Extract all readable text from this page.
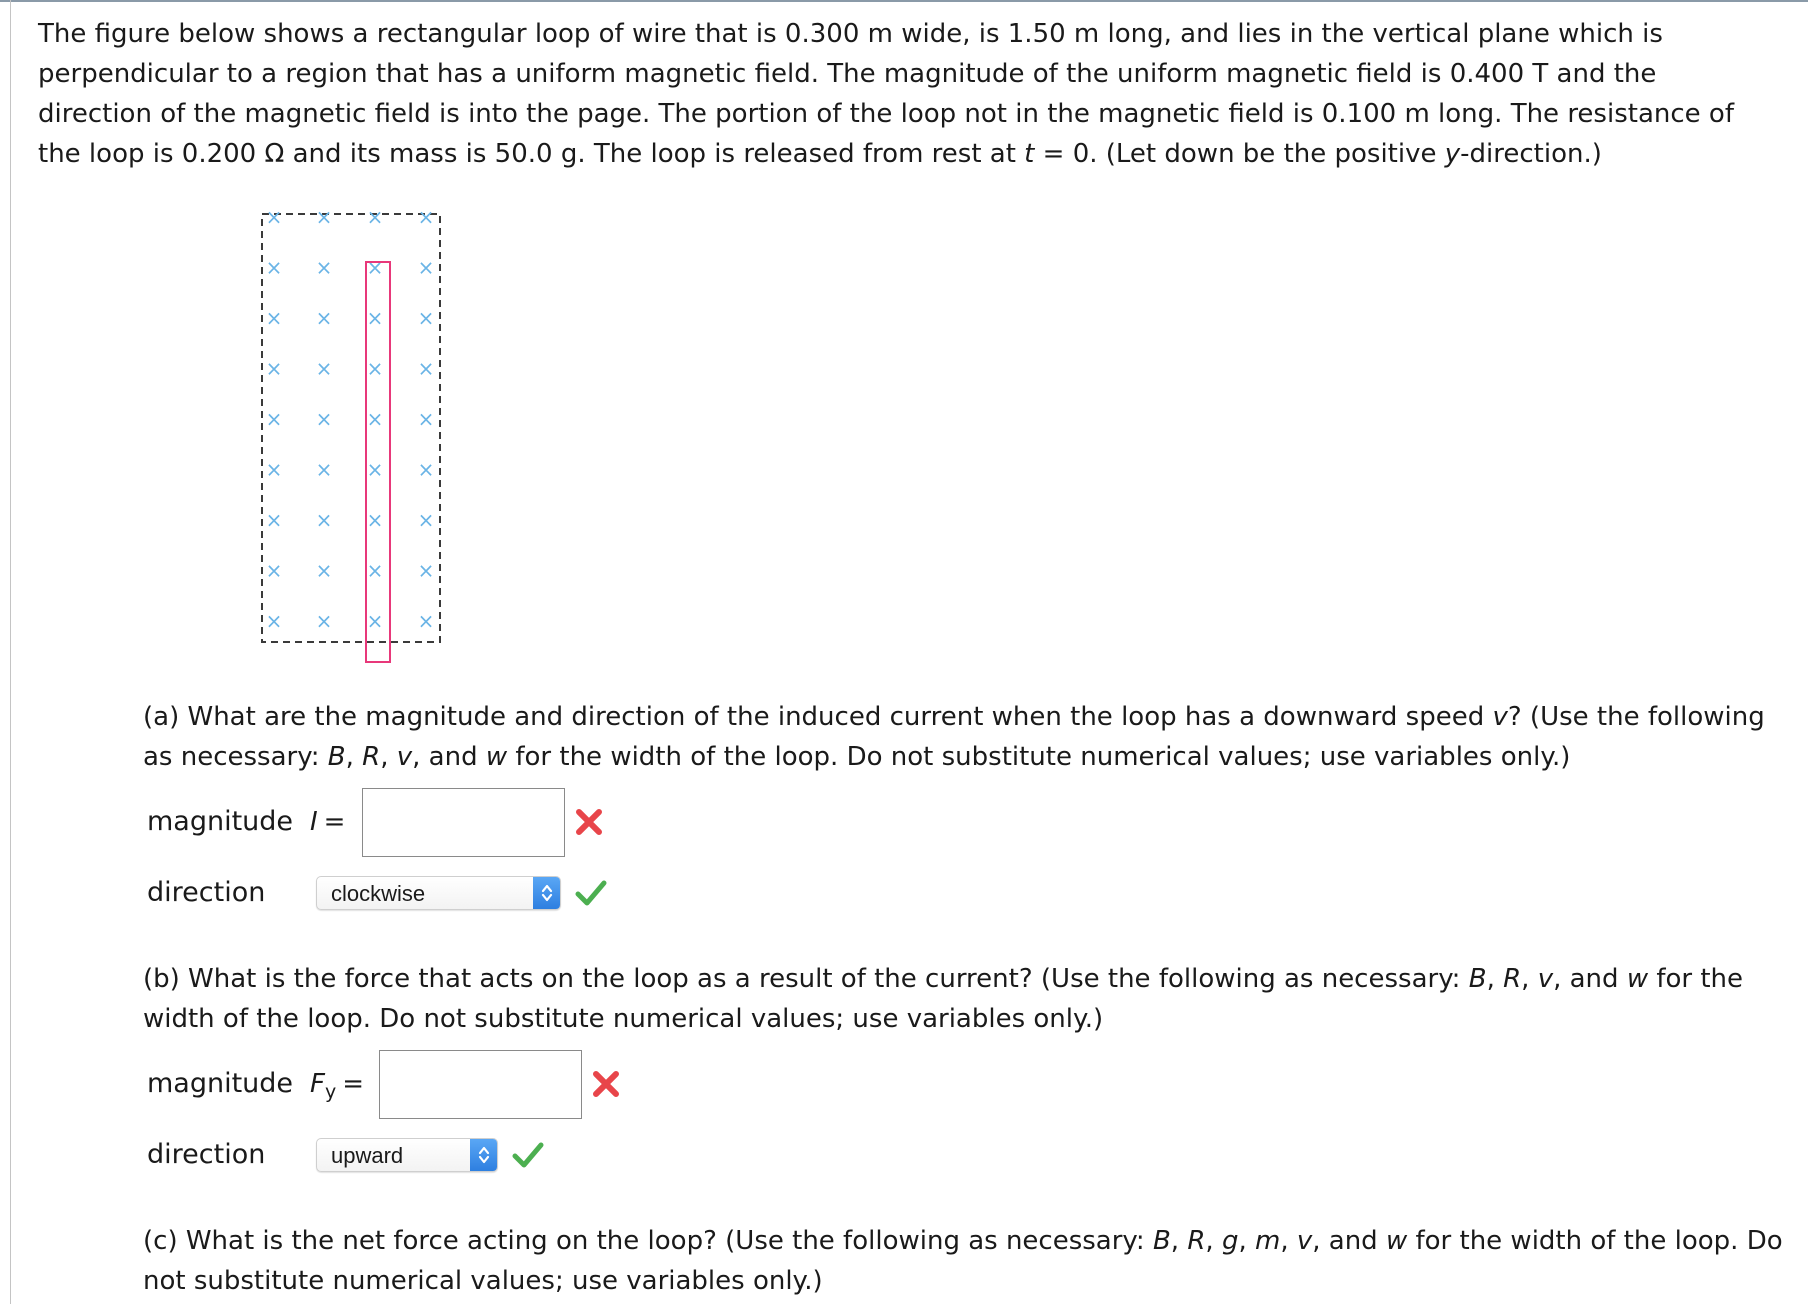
The figure below shows a rectangular loop of wire that is 0.300 m wide, is 1.50 m long, and lies in the vertical plane which is perpendicular to a region that has a uniform magnetic field. The magnitude of the uniform magnetic field is 0.400 T and the direction of the magnetic field is into the page. The portion of the loop not in the magnetic field is 0.100 m long. The resistance of the loop is 0.200 Ω and its mass is 50.0 g. The loop is released from rest at t = 0. (Let down be the positive y-direction.)

× × × ×
× × × ×
× × × ×
× × × ×
× × × ×
× × × ×
× × × ×
× × × ×
× × × ×

(a) What are the magnitude and direction of the induced current when the loop has a downward speed v? (Use the following as necessary: B, R, v, and w for the width of the loop. Do not substitute numerical values; use variables only.)

magnitude I =
direction	clockwise

(b) What is the force that acts on the loop as a result of the current? (Use the following as necessary: B, R, v, and w for the width of the loop. Do not substitute numerical values; use variables only.)

magnitude $F_y$ =
direction	upward

(c) What is the net force acting on the loop? (Use the following as necessary: B, R, g, m, v, and w for the width of the loop. Do not substitute numerical values; use variables only.)
